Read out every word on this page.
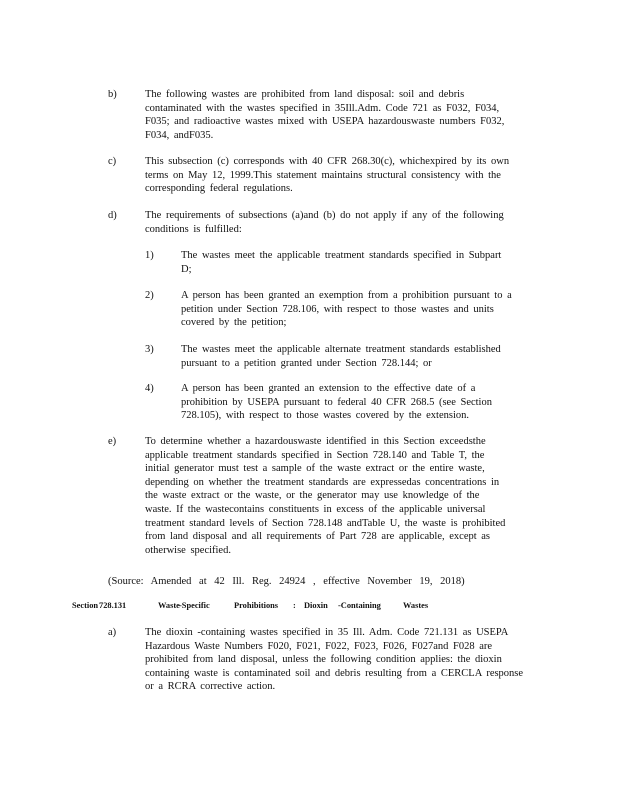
b)	The following wastes are prohibited from land disposal: soil and debris
contaminated with the wastes specified in 35Ill.Adm. Code 721 as F032, F034,
F035; and radioactive wastes mixed with USEPA hazardouswaste numbers F032,
F034, andF035.
c)	This subsection (c) corresponds with 40 CFR 268.30(c), whichexpired by its own
terms on May 12, 1999.This statement maintains structural consistency with the
corresponding federal regulations.
d)	The requirements of subsections (a)and (b) do not apply if any of the following
conditions is fulfilled:
1)	The wastes meet the applicable treatment standards specified in Subpart
D;
2)	A person has been granted an exemption from a prohibition pursuant to a
petition under Section 728.106, with respect to those wastes and units
covered by the petition;
3)	The wastes meet the applicable alternate treatment standards established
pursuant to a petition granted under Section 728.144; or
4)	A person has been granted an extension to the effective date of a
prohibition by USEPA pursuant to federal 40 CFR 268.5 (see Section
728.105), with respect to those wastes covered by the extension.
e)	To determine whether a hazardouswaste identified in this Section exceedsthe
applicable treatment standards specified in Section 728.140 and Table T, the
initial generator must test a sample of the waste extract or the entire waste,
depending on whether the treatment standards are expressedas concentrations in
the waste extract or the waste, or the generator may use knowledge of the
waste. If the wastecontains constituents in excess of the applicable universal
treatment standard levels of Section 728.148 andTable U, the waste is prohibited
from land disposal and all requirements of Part 728 are applicable, except as
otherwise specified.
(Source: Amended at 42 Ill. Reg. 24924 , effective November 19, 2018)
Section 728.131	Waste -Specific	Prohibitions : Dioxin -Containing	Wastes
a)	The dioxin -containing wastes specified in 35 Ill. Adm. Code 721.131 as USEPA
Hazardous Waste Numbers F020, F021, F022, F023, F026, F027and F028 are
prohibited from land disposal, unless the following condition applies: the dioxin
containing waste is contaminated soil and debris resulting from a CERCLA response
or a RCRA corrective action.
